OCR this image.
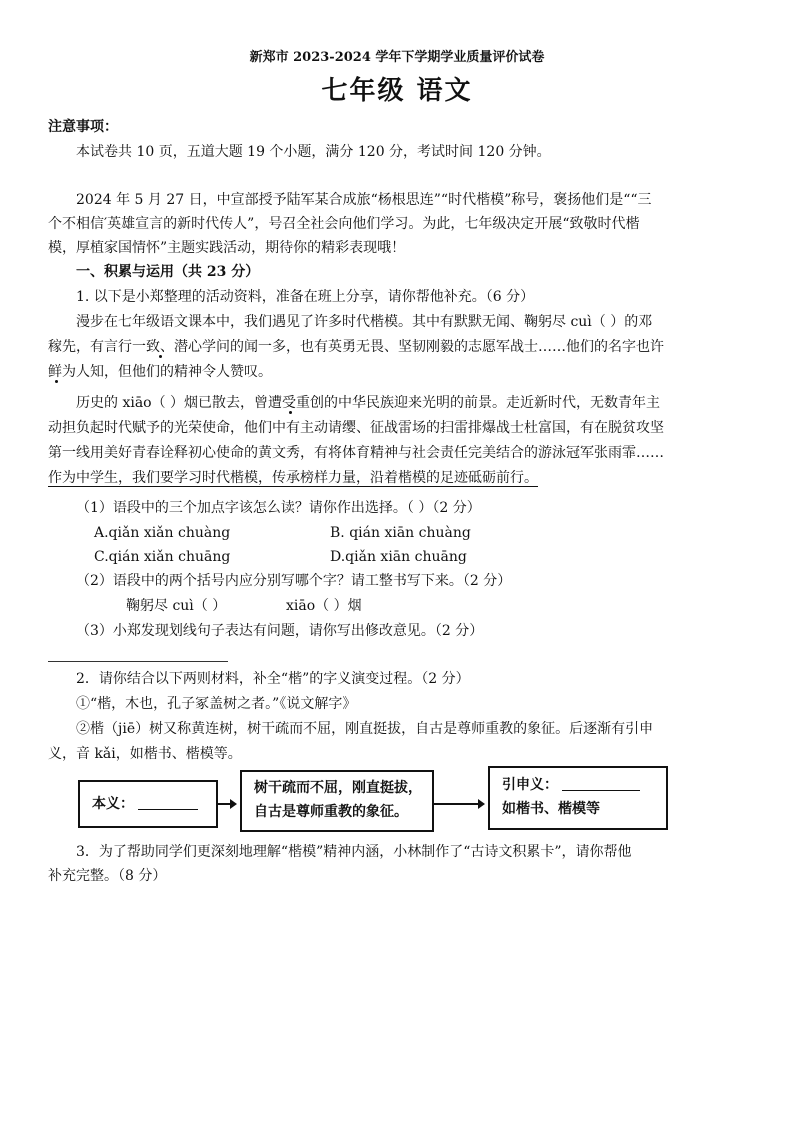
新郑市 2023-2024 学年下学期学业质量评价试卷
七年级 语文
注意事项：
本试卷共 10 页，五道大题 19 个小题，满分 120 分，考试时间 120 分钟。
2024 年 5 月 27 日，中宣部授予陆军某合成旅“杨根思连”“时代楷模”称号，褒扬他们是““三
个不相信′英雄宣言的新时代传人”，号召全社会向他们学习。为此，七年级决定开展“致敬时代楷
模，厚植家国情怀”主题实践活动，期待你的精彩表现哦！
一、积累与运用（共 23 分）
1. 以下是小郑整理的活动资料，准备在班上分享，请你帮他补充。（6 分）
漫步在七年级语文课本中，我们遇见了许多时代楷模。其中有默默无闻、鞠躬尽 cuì（ ）的邓
稼先，有言行一致、潜心学问的闻一多，也有英勇无畏、坚韧刚毅的志愿军战士……他们的名字也许
鲜为人知，但他们的精神令人赞叹。
历史的 xiāo（ ）烟已散去，曾遭受重创的中华民族迎来光明的前景。走近新时代，无数青年主
动担负起时代赋予的光荣使命，他们中有主动请缨、征战雷场的扫雷排爆战士杜富国，有在脱贫攻坚
第一线用美好青春诠释初心使命的黄文秀，有将体育精神与社会责任完美结合的游泳冠军张雨霏……
作为中学生，我们要学习时代楷模，传承榜样力量，沿着楷模的足迹砥砺前行。
（1）语段中的三个加点字该怎么读？请你作出选择。（ ）（2 分）
A.qiǎn xiǎn chuàng	B. qián xiān chuàng
C.qián xiǎn chuāng	D.qiǎn xiān chuāng
（2）语段中的两个括号内应分别写哪个字？请工整书写下来。（2 分）
鞠躬尽 cuì（ ）	xiāo（ ）烟
（3）小郑发现划线句子表达有问题，请你写出修改意见。（2 分）
2．请你结合以下两则材料，补全“楷”的字义演变过程。（2 分）
①“楷，木也，孔子冢盖树之者。”《说文解字》
②楷（jiē）树又称黄连树，树干疏而不屈，刚直挺拔，自古是尊师重教的象征。后逐渐有引申
义，音 kǎi，如楷书、楷模等。
本义：
树干疏而不屈，刚直挺拔，
自古是尊师重教的象征。
引申义：
如楷书、楷模等
3．为了帮助同学们更深刻地理解“楷模”精神内涵，小林制作了“古诗文积累卡”，请你帮他
补充完整。（8 分）
